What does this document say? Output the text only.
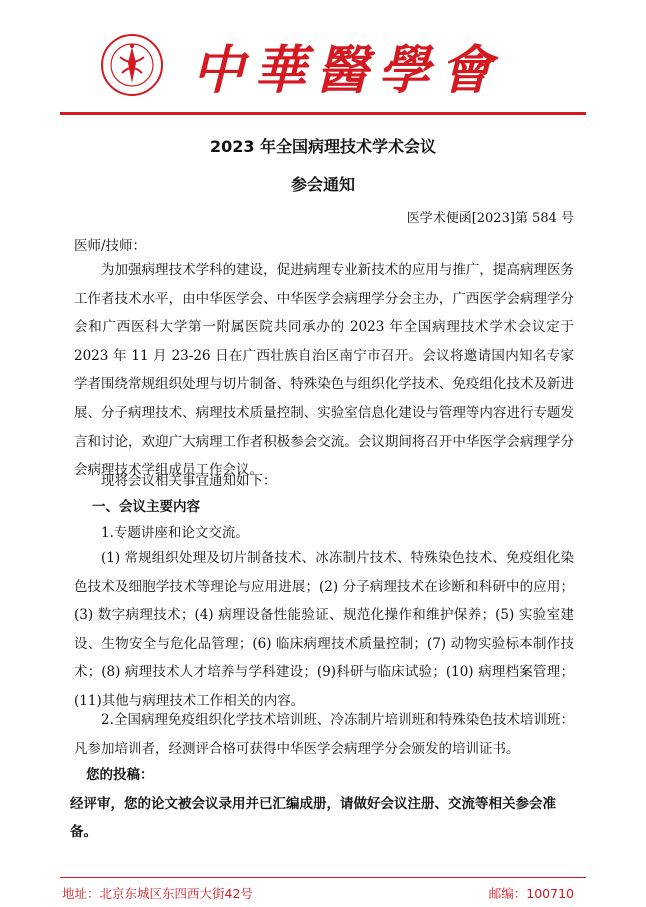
中華醫學會
2023 年全国病理技术学术会议
参会通知
医学术便函[2023]第 584 号
医师/技师：

为加强病理技术学科的建设，促进病理专业新技术的应用与推广，提高病理医务工作者技术水平，由中华医学会、中华医学会病理学分会主办，广西医学会病理学分会和广西医科大学第一附属医院共同承办的 2023 年全国病理技术学术会议定于 2023 年 11 月 23-26 日在广西壮族自治区南宁市召开。会议将邀请国内知名专家学者围绕常规组织处理与切片制备、特殊染色与组织化学技术、免疫组化技术及新进展、分子病理技术、病理技术质量控制、实验室信息化建设与管理等内容进行专题发言和讨论，欢迎广大病理工作者积极参会交流。会议期间将召开中华医学会病理学分会病理技术学组成员工作会议。

现将会议相关事宜通知如下：

一、会议主要内容

1.专题讲座和论文交流。

(1) 常规组织处理及切片制备技术、冰冻制片技术、特殊染色技术、免疫组化染色技术及细胞学技术等理论与应用进展；(2) 分子病理技术在诊断和科研中的应用；(3) 数字病理技术；(4) 病理设备性能验证、规范化操作和维护保养；(5) 实验室建设、生物安全与危化品管理；(6) 临床病理技术质量控制；(7) 动物实验标本制作技术；(8) 病理技术人才培养与学科建设；(9)科研与临床试验；(10) 病理档案管理；(11)其他与病理技术工作相关的内容。

2.全国病理免疫组织化学技术培训班、冷冻制片培训班和特殊染色技术培训班：凡参加培训者，经测评合格可获得中华医学会病理学分会颁发的培训证书。

您的投稿：
经评审，您的论文被会议录用并已汇编成册，请做好会议注册、交流等相关参会准备。
地址：北京东城区东四西大街42号	邮编：100710
